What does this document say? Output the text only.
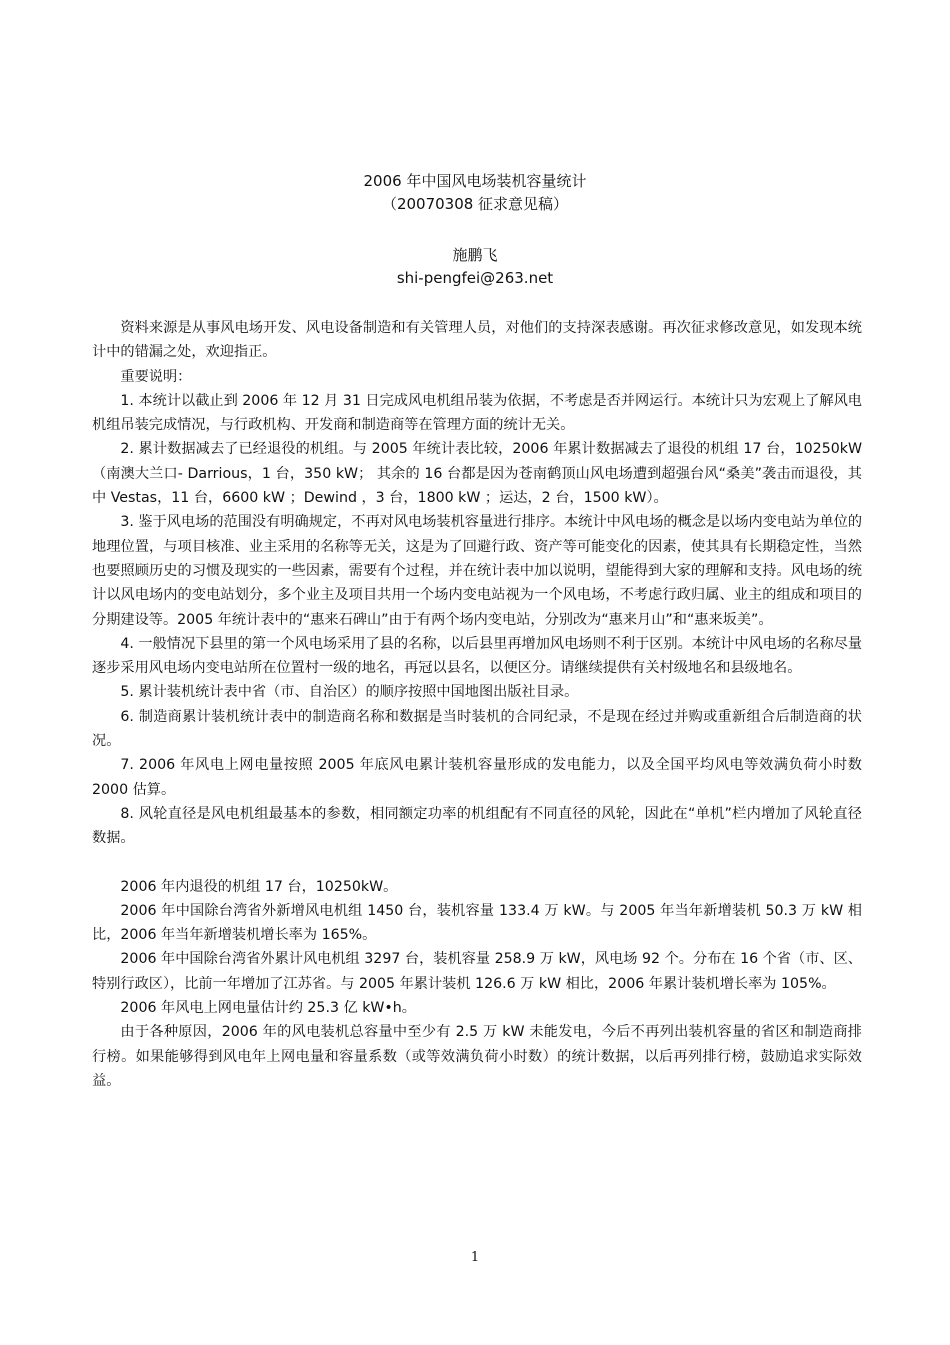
2006 年中国风电场装机容量统计
（20070308 征求意见稿）
施鹏飞
shi-pengfei@263.net

资料来源是从事风电场开发、风电设备制造和有关管理人员，对他们的支持深表感谢。再次征求修改意见，如发现本统计中的错漏之处，欢迎指正。

重要说明：

1. 本统计以截止到 2006 年 12 月 31 日完成风电机组吊装为依据，不考虑是否并网运行。本统计只为宏观上了解风电机组吊装完成情况，与行政机构、开发商和制造商等在管理方面的统计无关。

2. 累计数据减去了已经退役的机组。与 2005 年统计表比较，2006 年累计数据减去了退役的机组 17 台，10250kW（南澳大兰口- Darrious，1 台，350 kW； 其余的 16 台都是因为苍南鹤顶山风电场遭到超强台风“桑美”袭击而退役，其中 Vestas，11 台，6600 kW ；Dewind ，3 台，1800 kW ；运达，2 台，1500 kW）。

3. 鉴于风电场的范围没有明确规定，不再对风电场装机容量进行排序。本统计中风电场的概念是以场内变电站为单位的地理位置，与项目核准、业主采用的名称等无关，这是为了回避行政、资产等可能变化的因素，使其具有长期稳定性，当然也要照顾历史的习惯及现实的一些因素，需要有个过程，并在统计表中加以说明，望能得到大家的理解和支持。风电场的统计以风电场内的变电站划分，多个业主及项目共用一个场内变电站视为一个风电场，不考虑行政归属、业主的组成和项目的分期建设等。2005 年统计表中的“惠来石碑山”由于有两个场内变电站，分别改为“惠来月山”和“惠来坂美”。

4. 一般情况下县里的第一个风电场采用了县的名称，以后县里再增加风电场则不利于区别。本统计中风电场的名称尽量逐步采用风电场内变电站所在位置村一级的地名，再冠以县名，以便区分。请继续提供有关村级地名和县级地名。

5. 累计装机统计表中省（市、自治区）的顺序按照中国地图出版社目录。

6. 制造商累计装机统计表中的制造商名称和数据是当时装机的合同纪录，不是现在经过并购或重新组合后制造商的状况。

7. 2006 年风电上网电量按照 2005 年底风电累计装机容量形成的发电能力，以及全国平均风电等效满负荷小时数 2000 估算。

8. 风轮直径是风电机组最基本的参数，相同额定功率的机组配有不同直径的风轮，因此在“单机”栏内增加了风轮直径数据。

2006 年内退役的机组 17 台，10250kW。

2006 年中国除台湾省外新增风电机组 1450 台，装机容量 133.4 万 kW。与 2005 年当年新增装机 50.3 万 kW 相比，2006 年当年新增装机增长率为 165%。

2006 年中国除台湾省外累计风电机组 3297 台，装机容量 258.9 万 kW，风电场 92 个。分布在 16 个省（市、区、特别行政区），比前一年增加了江苏省。与 2005 年累计装机 126.6 万 kW 相比，2006 年累计装机增长率为 105%。

2006 年风电上网电量估计约 25.3 亿 kW•h。

由于各种原因，2006 年的风电装机总容量中至少有 2.5 万 kW 未能发电，今后不再列出装机容量的省区和制造商排行榜。如果能够得到风电年上网电量和容量系数（或等效满负荷小时数）的统计数据，以后再列排行榜，鼓励追求实际效益。

1
